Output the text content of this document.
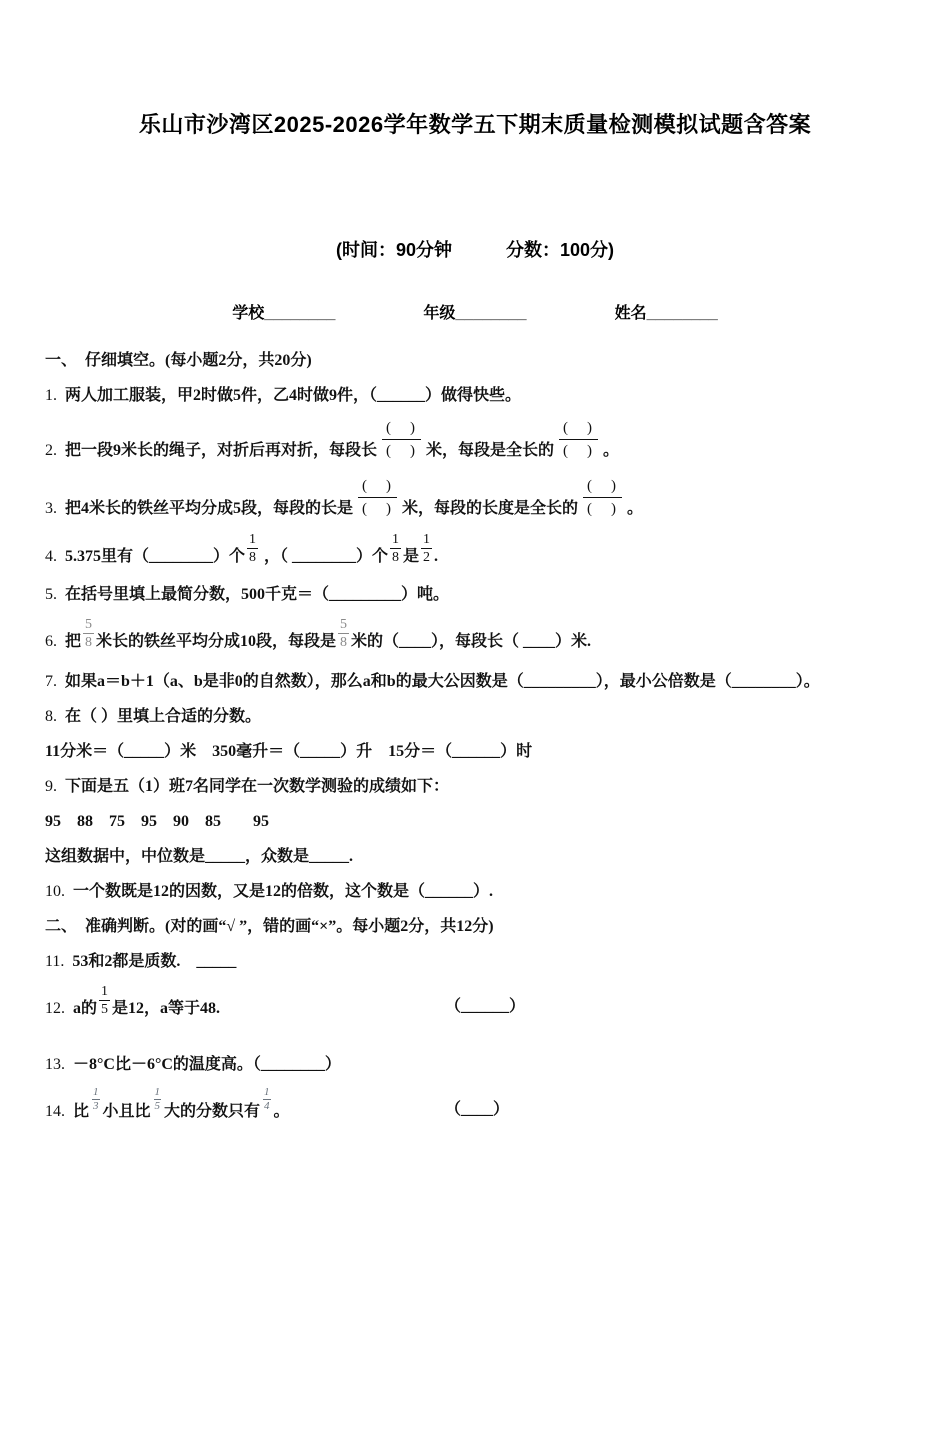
乐山市沙湾区2025-2026学年数学五下期末质量检测模拟试题含答案
(时间：90分钟	分数：100分)
学校________	年级________	姓名________
一、 仔细填空。(每小题2分，共20分)
1. 两人加工服装，甲2时做5件，乙4时做9件，（______）做得快些。
2. 把一段9米长的绳子，对折后再对折，每段长
(　)
(　) 米，每段是全长的
(　)
(　) 。
3. 把4米长的铁丝平均分成5段，每段的长是
(　)
(　) 米，每段的长度是全长的
(　)
(　) 。
4. 5.375里有（________）个 $\frac{1}{8}$ ，（ ________）个 $\frac{1}{8}$ 是 $\frac{1}{2}$ .
5. 在括号里填上最简分数，500千克＝（_________）吨。
6. 把 $\frac{5}{8}$ 米长的铁丝平均分成10段，每段是 $\frac{5}{8}$ 米的（____），每段长（ ____）米.
7. 如果a＝b＋1（a、b是非0的自然数），那么a和b的最大公因数是（_________），最小公倍数是（________）。
8. 在（ ）里填上合适的分数。
11分米＝（_____）米　350毫升＝（_____）升　15分＝（______）时
9. 下面是五（1）班7名同学在一次数学测验的成绩如下：
95　88　75　95　90　85　　95
这组数据中，中位数是_____，众数是_____.
10. 一个数既是12的因数，又是12的倍数，这个数是（______）.
二、 准确判断。(对的画“√ ”，错的画“×”。每小题2分，共12分)
11. 53和2都是质数.　_____
12. a的 $\frac{1}{5}$ 是12，a等于48.	（______）
13. －8°C比－6°C的温度高。（________）
14. 比 $\frac{1}{3}$ 小且比 $\frac{1}{5}$ 大的分数只有 $\frac{1}{4}$ 。	（____）
